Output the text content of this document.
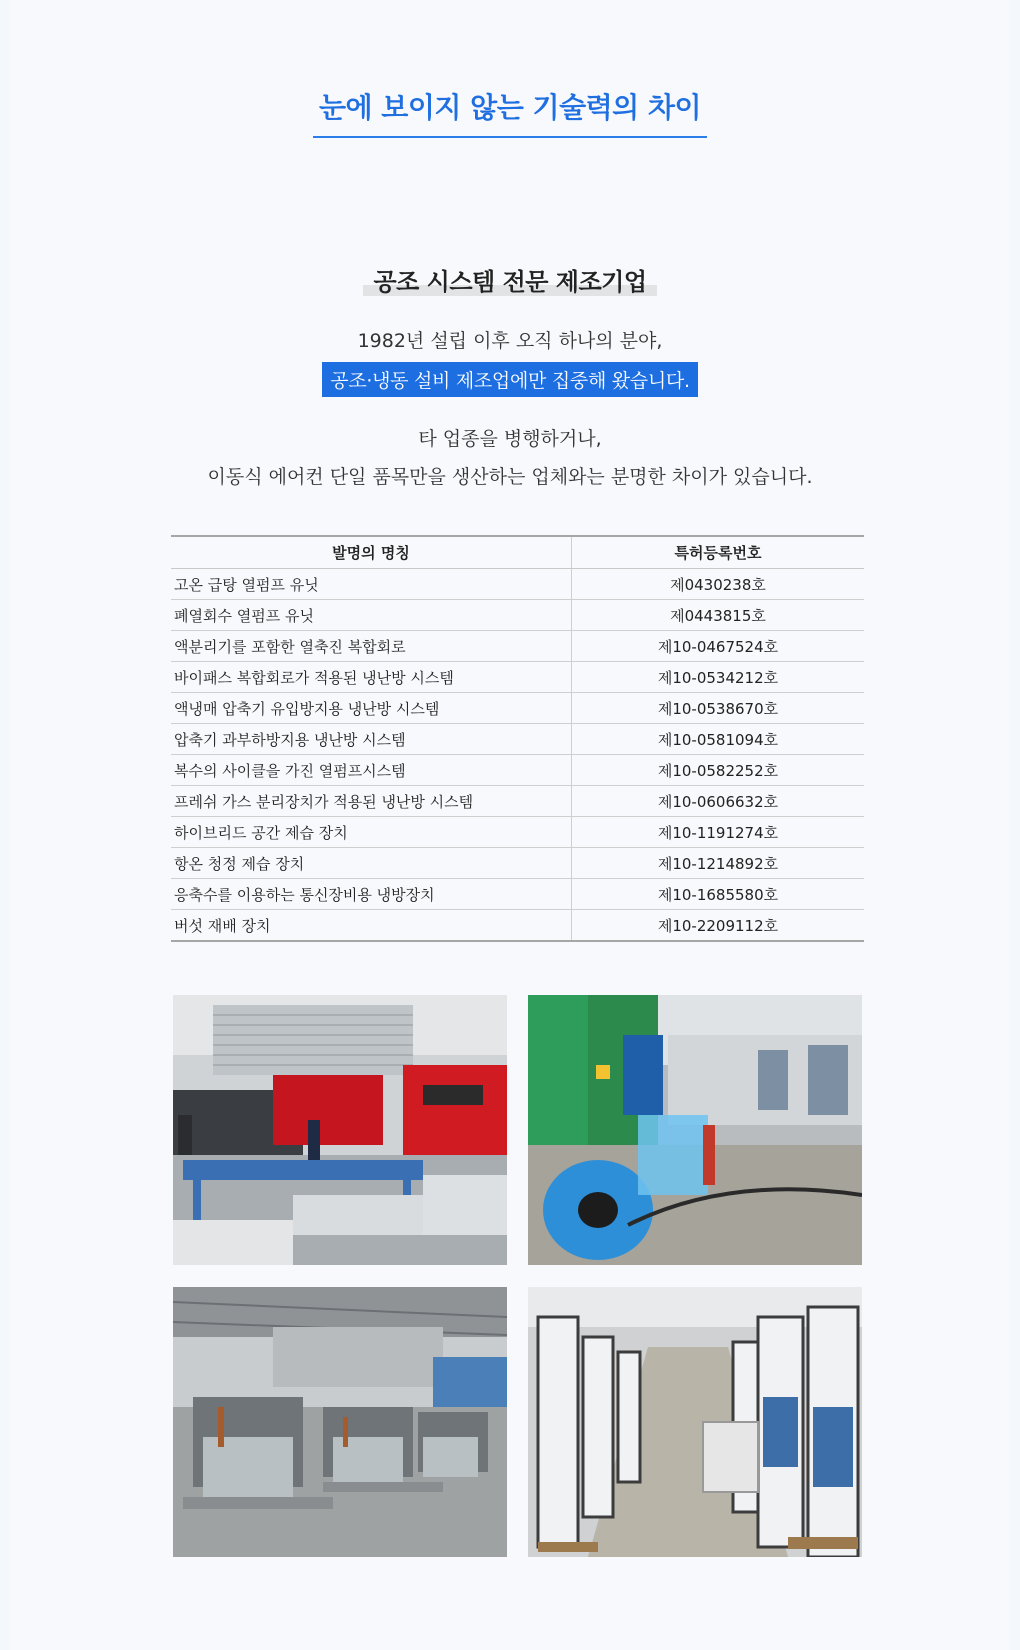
눈에 보이지 않는 기술력의 차이
공조 시스템 전문 제조기업
1982년 설립 이후 오직 하나의 분야,
공조·냉동 설비 제조업에만 집중해 왔습니다.
타 업종을 병행하거나,
이동식 에어컨 단일 품목만을 생산하는 업체와는 분명한 차이가 있습니다.
발명의 명칭	특허등록번호
고온 급탕 열펌프 유닛	제0430238호
폐열회수 열펌프 유닛	제0443815호
액분리기를 포함한 열축진 복합회로	제10-0467524호
바이패스 복합회로가 적용된 냉난방 시스템	제10-0534212호
액냉매 압축기 유입방지용 냉난방 시스템	제10-0538670호
압축기 과부하방지용 냉난방 시스템	제10-0581094호
복수의 사이클을 가진 열펌프시스템	제10-0582252호
프레쉬 가스 분리장치가 적용된 냉난방 시스템	제10-0606632호
하이브리드 공간 제습 장치	제10-1191274호
항온 청정 제습 장치	제10-1214892호
응축수를 이용하는 통신장비용 냉방장치	제10-1685580호
버섯 재배 장치	제10-2209112호
